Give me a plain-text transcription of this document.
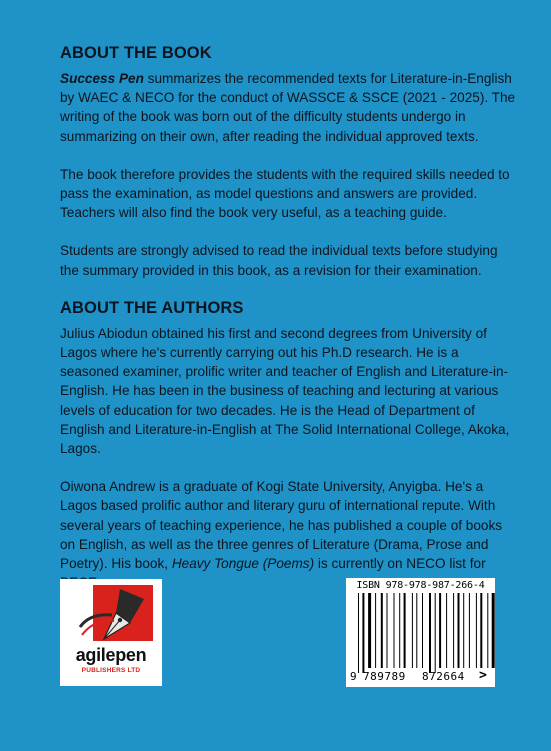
ABOUT THE BOOK

Success Pen summarizes the recommended texts for Literature-in-English by WAEC & NECO for the conduct of WASSCE & SSCE (2021 - 2025). The writing of the book was born out of the difficulty students undergo in summarizing on their own, after reading the individual approved texts.

The book therefore provides the students with the required skills needed to pass the examination, as model questions and answers are provided. Teachers will also find the book very useful, as a teaching guide.

Students are strongly advised to read the individual texts before studying the summary provided in this book, as a revision for their examination.

ABOUT THE AUTHORS

Julius Abiodun obtained his first and second degrees from University of Lagos where he's currently carrying out his Ph.D research. He is a seasoned examiner, prolific writer and teacher of English and Literature-in-English. He has been in the business of teaching and lecturing at various levels of education for two decades. He is the Head of Department of English and Literature-in-English at The Solid International College, Akoka, Lagos.

Oiwona Andrew is a graduate of Kogi State University, Anyigba. He's a Lagos based prolific author and literary guru of international repute. With several years of teaching experience, he has published a couple of books on English, as well as the three genres of Literature (Drama, Prose and Poetry). His book, Heavy Tongue (Poems) is currently on NECO list for

agilepen
PUBLISHERS LTD
ISBN 978-978-987-266-4
9 789789 872664 >
